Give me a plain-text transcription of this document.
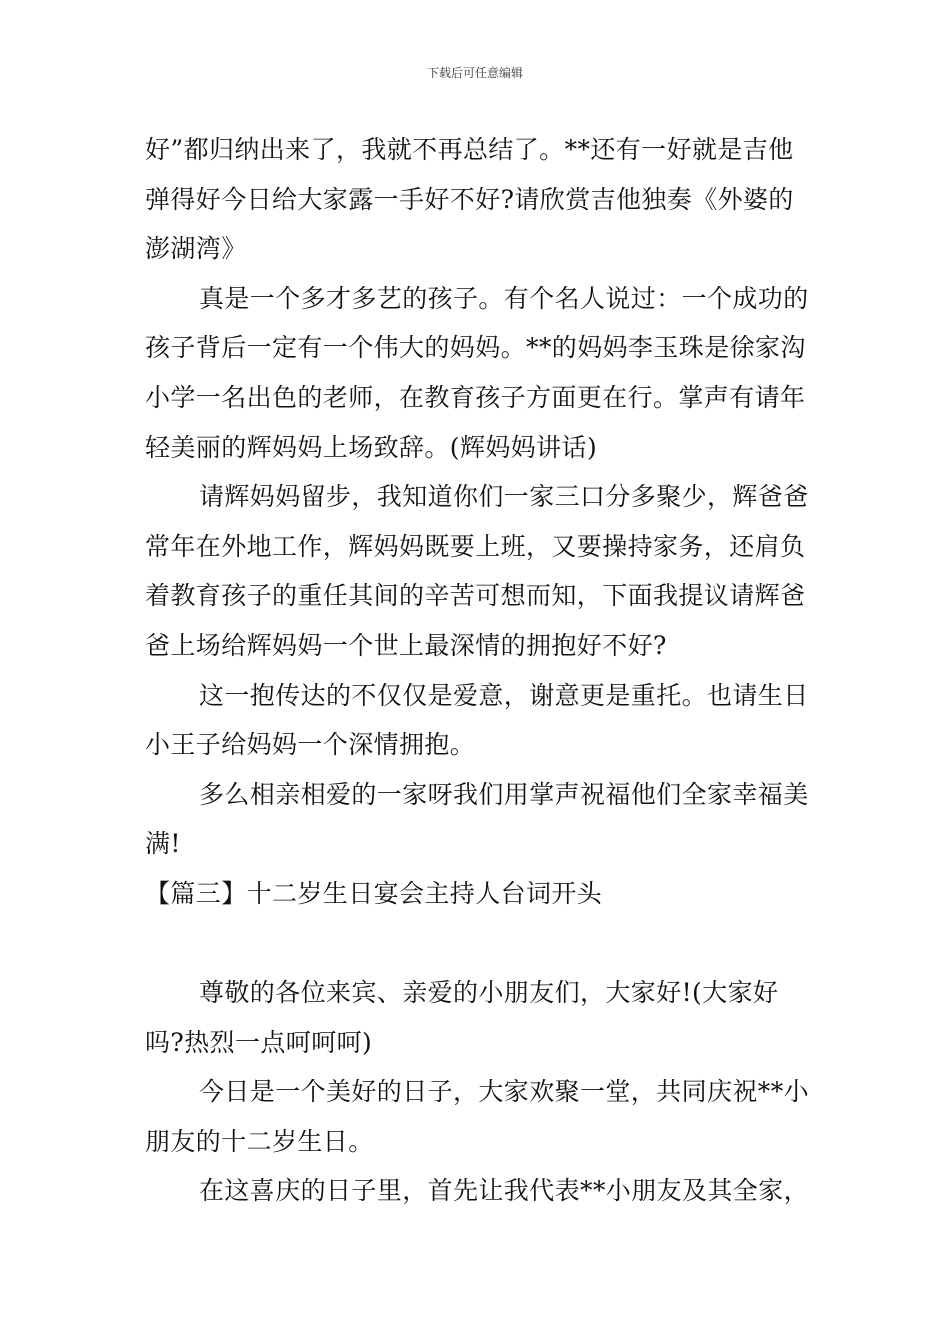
下载后可任意编辑

好”都归纳出来了，我就不再总结了。**还有一好就是吉他弹得好今日给大家露一手好不好?请欣赏吉他独奏《外婆的澎湖湾》

真是一个多才多艺的孩子。有个名人说过：一个成功的孩子背后一定有一个伟大的妈妈。**的妈妈李玉珠是徐家沟小学一名出色的老师，在教育孩子方面更在行。掌声有请年轻美丽的辉妈妈上场致辞。(辉妈妈讲话)

请辉妈妈留步，我知道你们一家三口分多聚少，辉爸爸常年在外地工作，辉妈妈既要上班，又要操持家务，还肩负着教育孩子的重任其间的辛苦可想而知，下面我提议请辉爸爸上场给辉妈妈一个世上最深情的拥抱好不好?

这一抱传达的不仅仅是爱意，谢意更是重托。也请生日小王子给妈妈一个深情拥抱。

多么相亲相爱的一家呀我们用掌声祝福他们全家幸福美满!

【篇三】十二岁生日宴会主持人台词开头

尊敬的各位来宾、亲爱的小朋友们，大家好!(大家好吗?热烈一点呵呵呵)

今日是一个美好的日子，大家欢聚一堂，共同庆祝**小朋友的十二岁生日。

在这喜庆的日子里，首先让我代表**小朋友及其全家，
